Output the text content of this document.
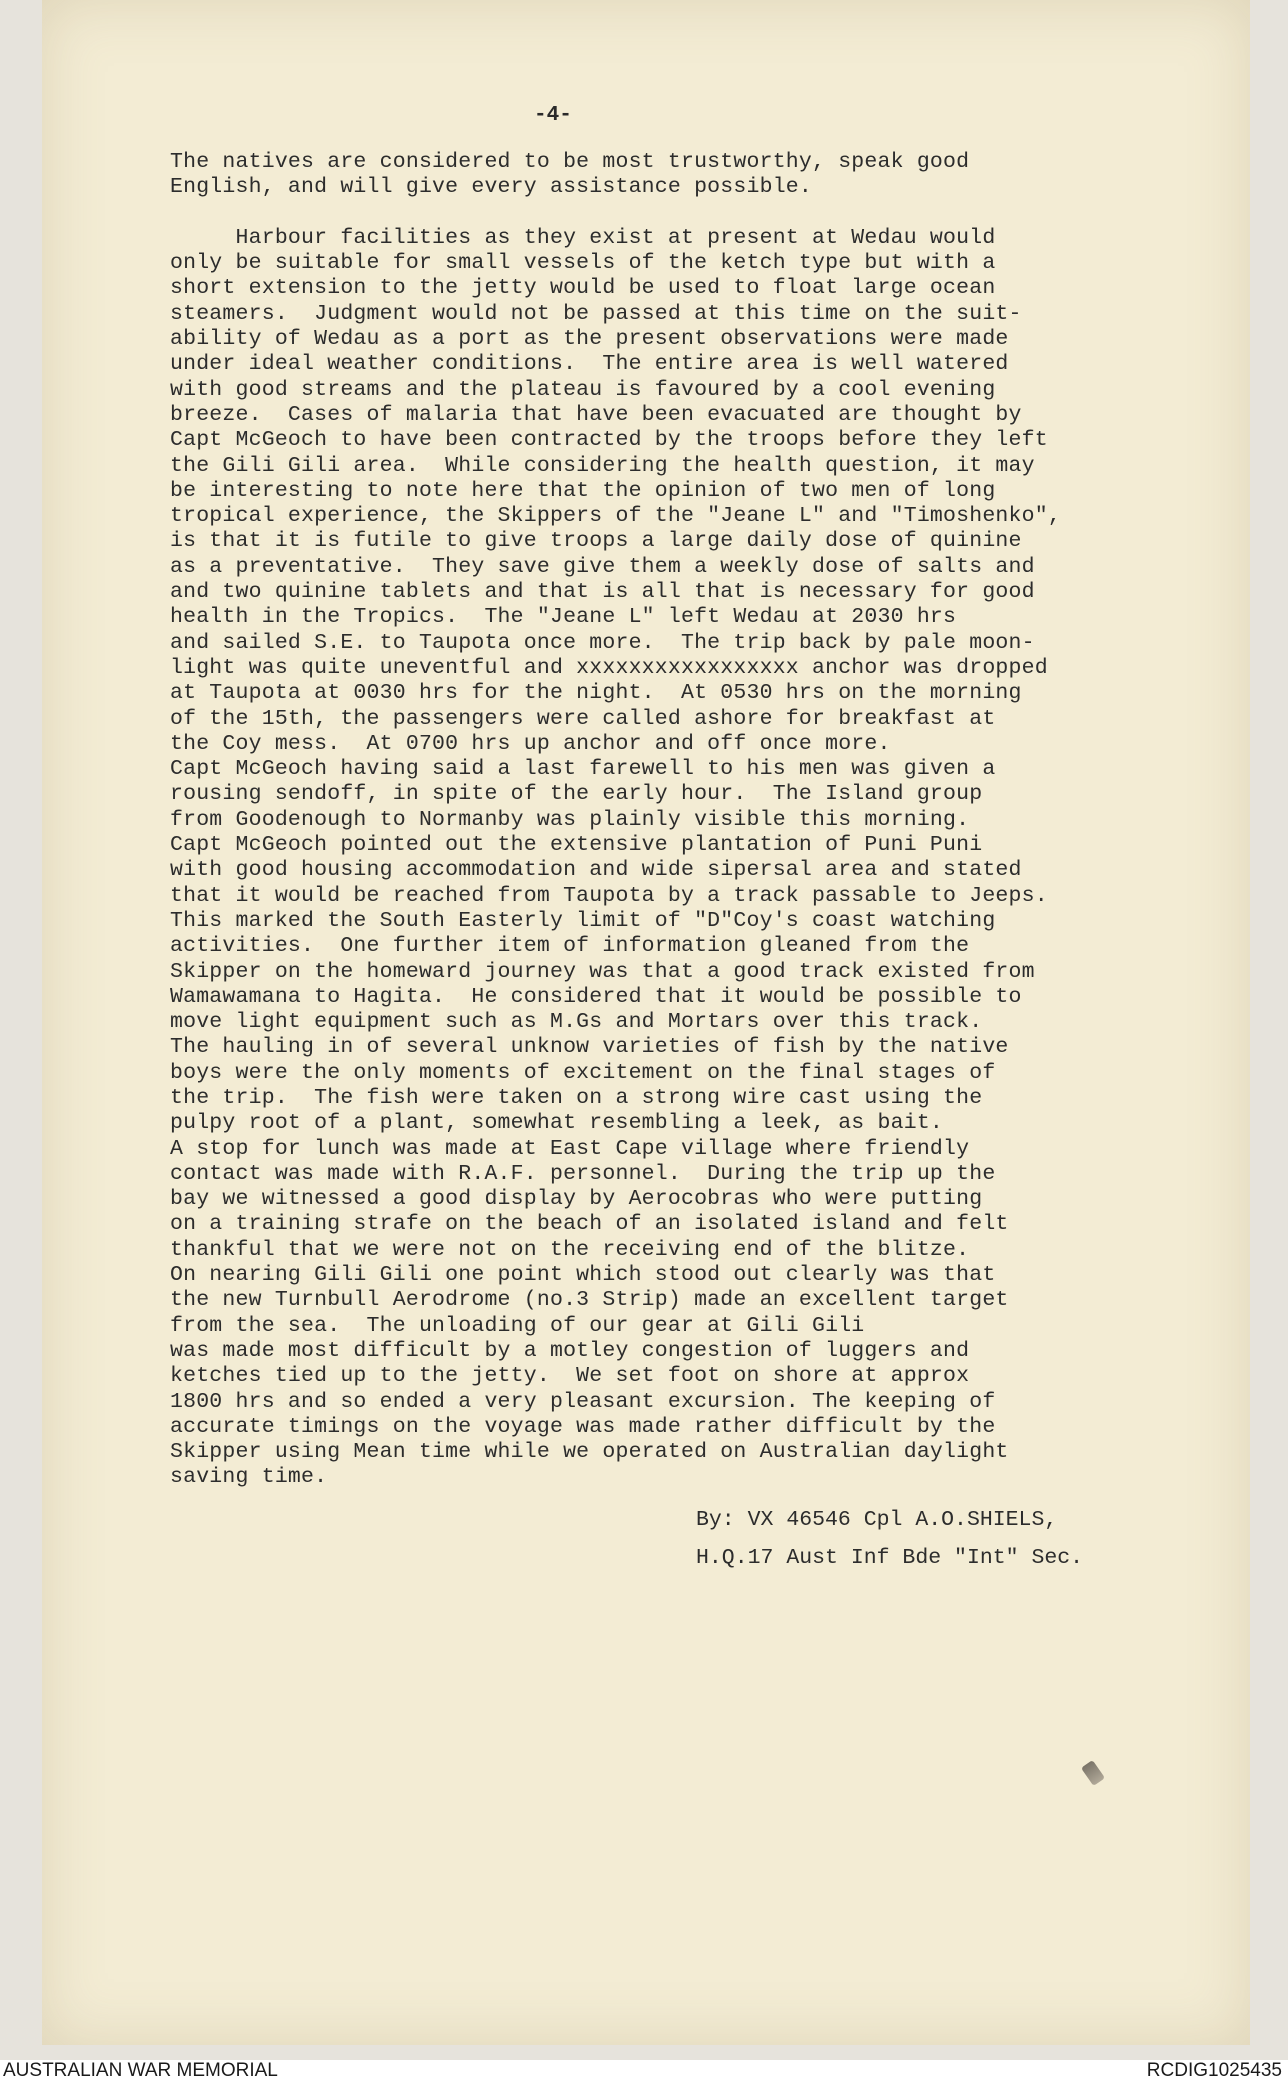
-4-

The natives are considered to be most trustworthy, speak good
English, and will give every assistance possible.

Harbour facilities as they exist at present at Wedau would
only be suitable for small vessels of the ketch type but with a
short extension to the jetty would be used to float large ocean
steamers.  Judgment would not be passed at this time on the suit-
ability of Wedau as a port as the present observations were made
under ideal weather conditions.  The entire area is well watered
with good streams and the plateau is favoured by a cool evening
breeze.  Cases of malaria that have been evacuated are thought by
Capt McGeoch to have been contracted by the troops before they left
the Gili Gili area.  While considering the health question, it may
be interesting to note here that the opinion of two men of long
tropical experience, the Skippers of the "Jeane L" and "Timoshenko",
is that it is futile to give troops a large daily dose of quinine
as a preventative.  They save give them a weekly dose of salts and
and two quinine tablets and that is all that is necessary for good
health in the Tropics.  The "Jeane L" left Wedau at 2030 hrs
and sailed S.E. to Taupota once more.  The trip back by pale moon-
light was quite uneventful and xxxxxxxxxxxxxxxxx anchor was dropped
at Taupota at 0030 hrs for the night.  At 0530 hrs on the morning
of the 15th, the passengers were called ashore for breakfast at
the Coy mess.  At 0700 hrs up anchor and off once more.
Capt McGeoch having said a last farewell to his men was given a
rousing sendoff, in spite of the early hour.  The Island group
from Goodenough to Normanby was plainly visible this morning.
Capt McGeoch pointed out the extensive plantation of Puni Puni
with good housing accommodation and wide sipersal area and stated
that it would be reached from Taupota by a track passable to Jeeps.
This marked the South Easterly limit of "D"Coy's coast watching
activities.  One further item of information gleaned from the
Skipper on the homeward journey was that a good track existed from
Wamawamana to Hagita.  He considered that it would be possible to
move light equipment such as M.Gs and Mortars over this track.
The hauling in of several unknow varieties of fish by the native
boys were the only moments of excitement on the final stages of
the trip.  The fish were taken on a strong wire cast using the
pulpy root of a plant, somewhat resembling a leek, as bait.
A stop for lunch was made at East Cape village where friendly
contact was made with R.A.F. personnel.  During the trip up the
bay we witnessed a good display by Aerocobras who were putting
on a training strafe on the beach of an isolated island and felt
thankful that we were not on the receiving end of the blitze.
On nearing Gili Gili one point which stood out clearly was that
the new Turnbull Aerodrome (no.3 Strip) made an excellent target
from the sea.  The unloading of our gear at Gili Gili
was made most difficult by a motley congestion of luggers and
ketches tied up to the jetty.  We set foot on shore at approx
1800 hrs and so ended a very pleasant excursion. The keeping of
accurate timings on the voyage was made rather difficult by the
Skipper using Mean time while we operated on Australian daylight
saving time.

By: VX 46546 Cpl A.O.SHIELS,

H.Q.17 Aust Inf Bde "Int" Sec.

AUSTRALIAN WAR MEMORIAL	RCDIG1025435
